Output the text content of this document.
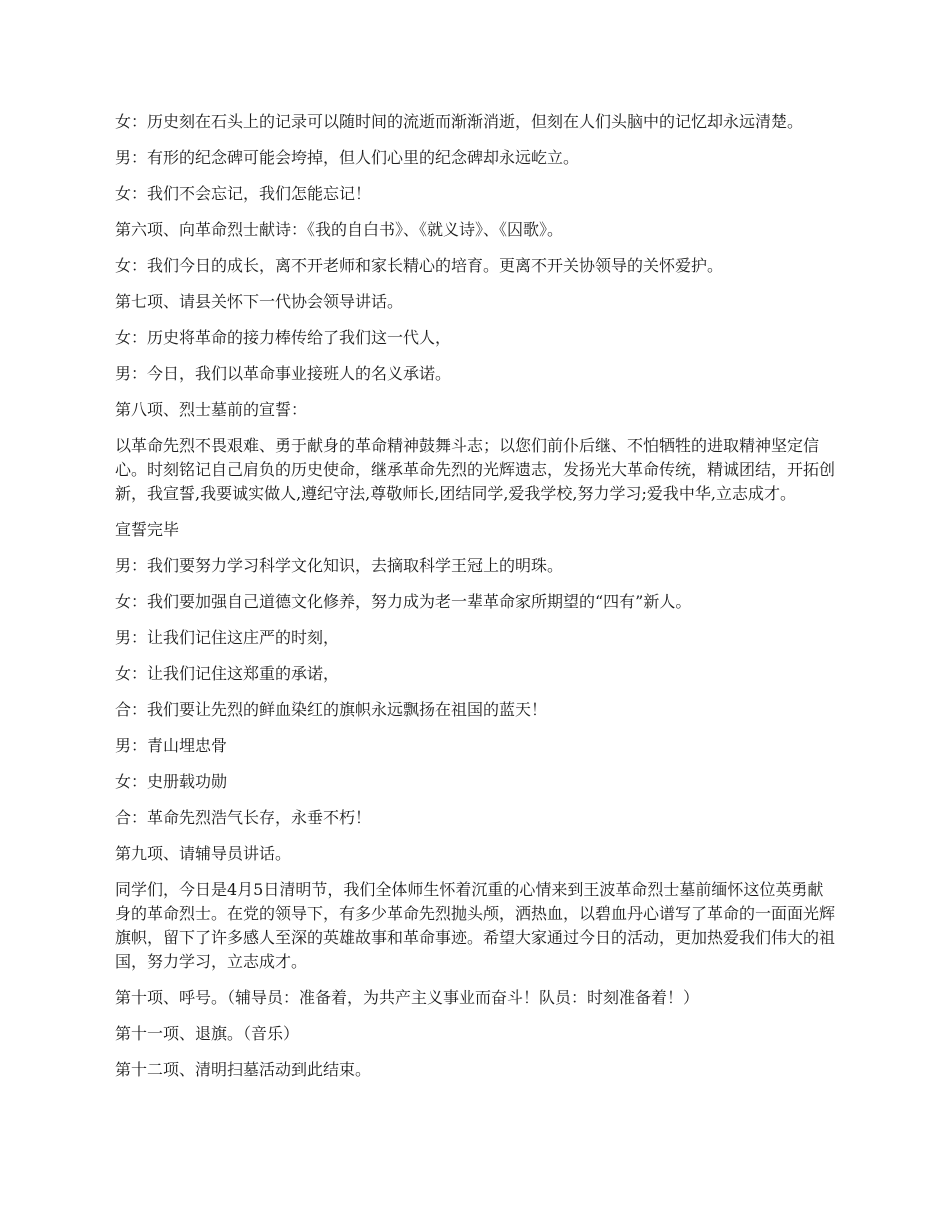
女：历史刻在石头上的记录可以随时间的流逝而渐渐消逝，但刻在人们头脑中的记忆却永远清楚。

男：有形的纪念碑可能会垮掉，但人们心里的纪念碑却永远屹立。

女：我们不会忘记，我们怎能忘记！

第六项、向革命烈士献诗：《我的自白书》、《就义诗》、《囚歌》。

女：我们今日的成长，离不开老师和家长精心的培育。更离不开关协领导的关怀爱护。

第七项、请县关怀下一代协会领导讲话。

女：历史将革命的接力棒传给了我们这一代人，

男：今日，我们以革命事业接班人的名义承诺。

第八项、烈士墓前的宣誓：

以革命先烈不畏艰难、勇于献身的革命精神鼓舞斗志；以您们前仆后继、不怕牺牲的进取精神坚定信心。时刻铭记自己肩负的历史使命，继承革命先烈的光辉遗志，发扬光大革命传统，精诚团结，开拓创新，我宣誓,我要诚实做人,遵纪守法,尊敬师长,团结同学,爱我学校,努力学习;爱我中华,立志成才。

宣誓完毕

男：我们要努力学习科学文化知识，去摘取科学王冠上的明珠。

女：我们要加强自己道德文化修养，努力成为老一辈革命家所期望的“四有”新人。

男：让我们记住这庄严的时刻，

女：让我们记住这郑重的承诺，

合：我们要让先烈的鲜血染红的旗帜永远飘扬在祖国的蓝天！

男：青山埋忠骨

女：史册载功勋

合：革命先烈浩气长存，永垂不朽！

第九项、请辅导员讲话。

同学们，今日是4月5日清明节，我们全体师生怀着沉重的心情来到王波革命烈士墓前缅怀这位英勇献身的革命烈士。在党的领导下，有多少革命先烈抛头颅，洒热血，以碧血丹心谱写了革命的一面面光辉旗帜，留下了许多感人至深的英雄故事和革命事迹。希望大家通过今日的活动，更加热爱我们伟大的祖国，努力学习，立志成才。

第十项、呼号。（辅导员：准备着，为共产主义事业而奋斗！队员：时刻准备着！）

第十一项、退旗。（音乐）

第十二项、清明扫墓活动到此结束。
